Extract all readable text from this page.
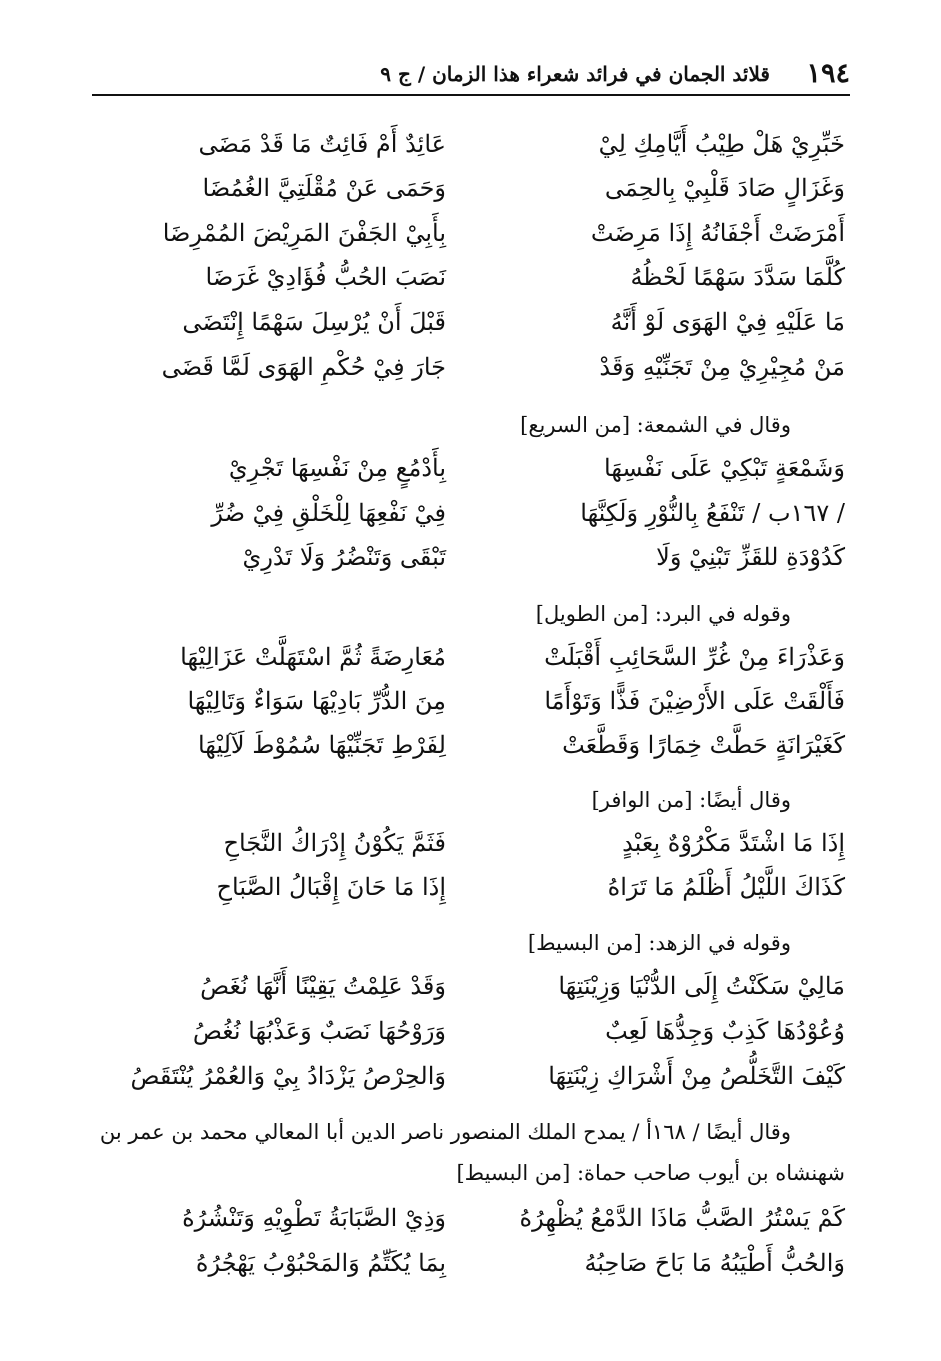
١٩٤
قلائد الجمان في فرائد شعراء هذا الزمان / ج ٩
خَبِّرِيْ هَلْ طِيْبُ أَيَّامِكِ لِيْ
عَائِدٌ أَمْ فَائِتٌ مَا قَدْ مَضَى
وَغَزَالٍ صَادَ قَلْبِيْ بِالحِمَى
وَحَمَى عَنْ مُقْلَتِيَّ الغُمُضَا
أَمْرَضَتْ أَجْفَانُهُ إِذَا مَرِضَتْ
بِأَبِيْ الجَفْنَ المَرِيْضَ المُمْرِضَا
كُلَّمَا سَدَّدَ سَهْمًا لَحْظُهُ
نَصَبَ الحُبُّ فُؤَادِيْ غَرَضَا
مَا عَلَيْهِ فِيْ الهَوَى لَوْ أَنَّهُ
قَبْلَ أَنْ يُرْسِلَ سَهْمًا إِنْتَضَى
مَنْ مُجِيْرِيْ مِنْ تَجَنِّيْهِ وَقَدْ
جَارَ فِيْ حُكْمِ الهَوَى لَمَّا قَضَى
وقال في الشمعة: [من السريع]
وَشَمْعَةٍ تَبْكِيْ عَلَى نَفْسِهَا
بِأَدْمُعٍ مِنْ نَفْسِهَا تَجْرِيْ
/ ١٦٧ب / تَنْفَعُ بِالنُّوْرِ وَلَكِنَّهَا
فِيْ نَفْعِهَا لِلْخَلْقِ فِيْ ضُرِّ
كَدُوْدَةِ للقَزِّ تَبْنِيْ وَلَا
تَبْقَى وَتَنْضُرُ وَلَا تَدْرِيْ
وقوله في البرد: [من الطويل]
وَعَذْرَاءَ مِنْ غُرِّ السَّحَائِبِ أَقْبَلَتْ
مُعَارِضَةً ثُمَّ اسْتَهَلَّتْ عَزَالِيْهَا
فَأَلْقَتْ عَلَى الأَرْضِيْنَ فَذًّا وَتَوْأَمًا
مِنَ الدُّرِّ بَادِيْهَا سَوَاءٌ وَتَالِيْهَا
كَغَيْرَانَةٍ حَطَّتْ خِمَارًا وَقَطَّعَتْ
لِفَرْطِ تَجَنِّيْهَا سُمُوْطَ لَآلِيْهَا
وقال أيضًا: [من الوافر]
إِذَا مَا اشْتَدَّ مَكْرُوْهٌ بِعَبْدٍ
فَثَمَّ يَكُوْنُ إِدْرَاكُ النَّجَاحِ
كَذَاكَ اللَّيْلُ أَظْلَمُ مَا تَرَاهُ
إِذَا مَا حَانَ إِقْبَالُ الصَّبَاحِ
وقوله في الزهد: [من البسيط]
مَالِيْ سَكَنْتُ إِلَى الدُّنْيَا وَزِيْنَتِهَا
وَقَدْ عَلِمْتُ يَقِيْنًا أَنَّهَا نُغَصُ
وُعُوْدُهَا كَذِبٌ وَجِدُّهَا لَعِبٌ
وَرَوْحُهَا نَصَبٌ وَعَذْبُهَا نُغُصُ
كَيْفَ التَّخَلُّصُ مِنْ أَشْرَاكِ زِيْنَتِهَا
وَالحِرْصُ يَزْدَادُ بِيْ وَالعُمْرُ يُنْتَقَصُ
وقال أيضًا / ١٦٨أ / يمدح الملك المنصور ناصر الدين أبا المعالي محمد بن عمر بن
شهنشاه بن أيوب صاحب حماة: [من البسيط]
كَمْ يَسْتُرُ الصَّبُّ مَاذَا الدَّمْعُ يُظْهِرُهُ
وَذِيْ الصَّبَابَةُ تَطْوِيْهِ وَتَنْشُرُهُ
وَالحُبُّ أَطْيَبُهُ مَا بَاحَ صَاحِبُهُ
بِمَا يُكَتِّمُ وَالمَحْبُوْبُ يَهْجُرُهُ
